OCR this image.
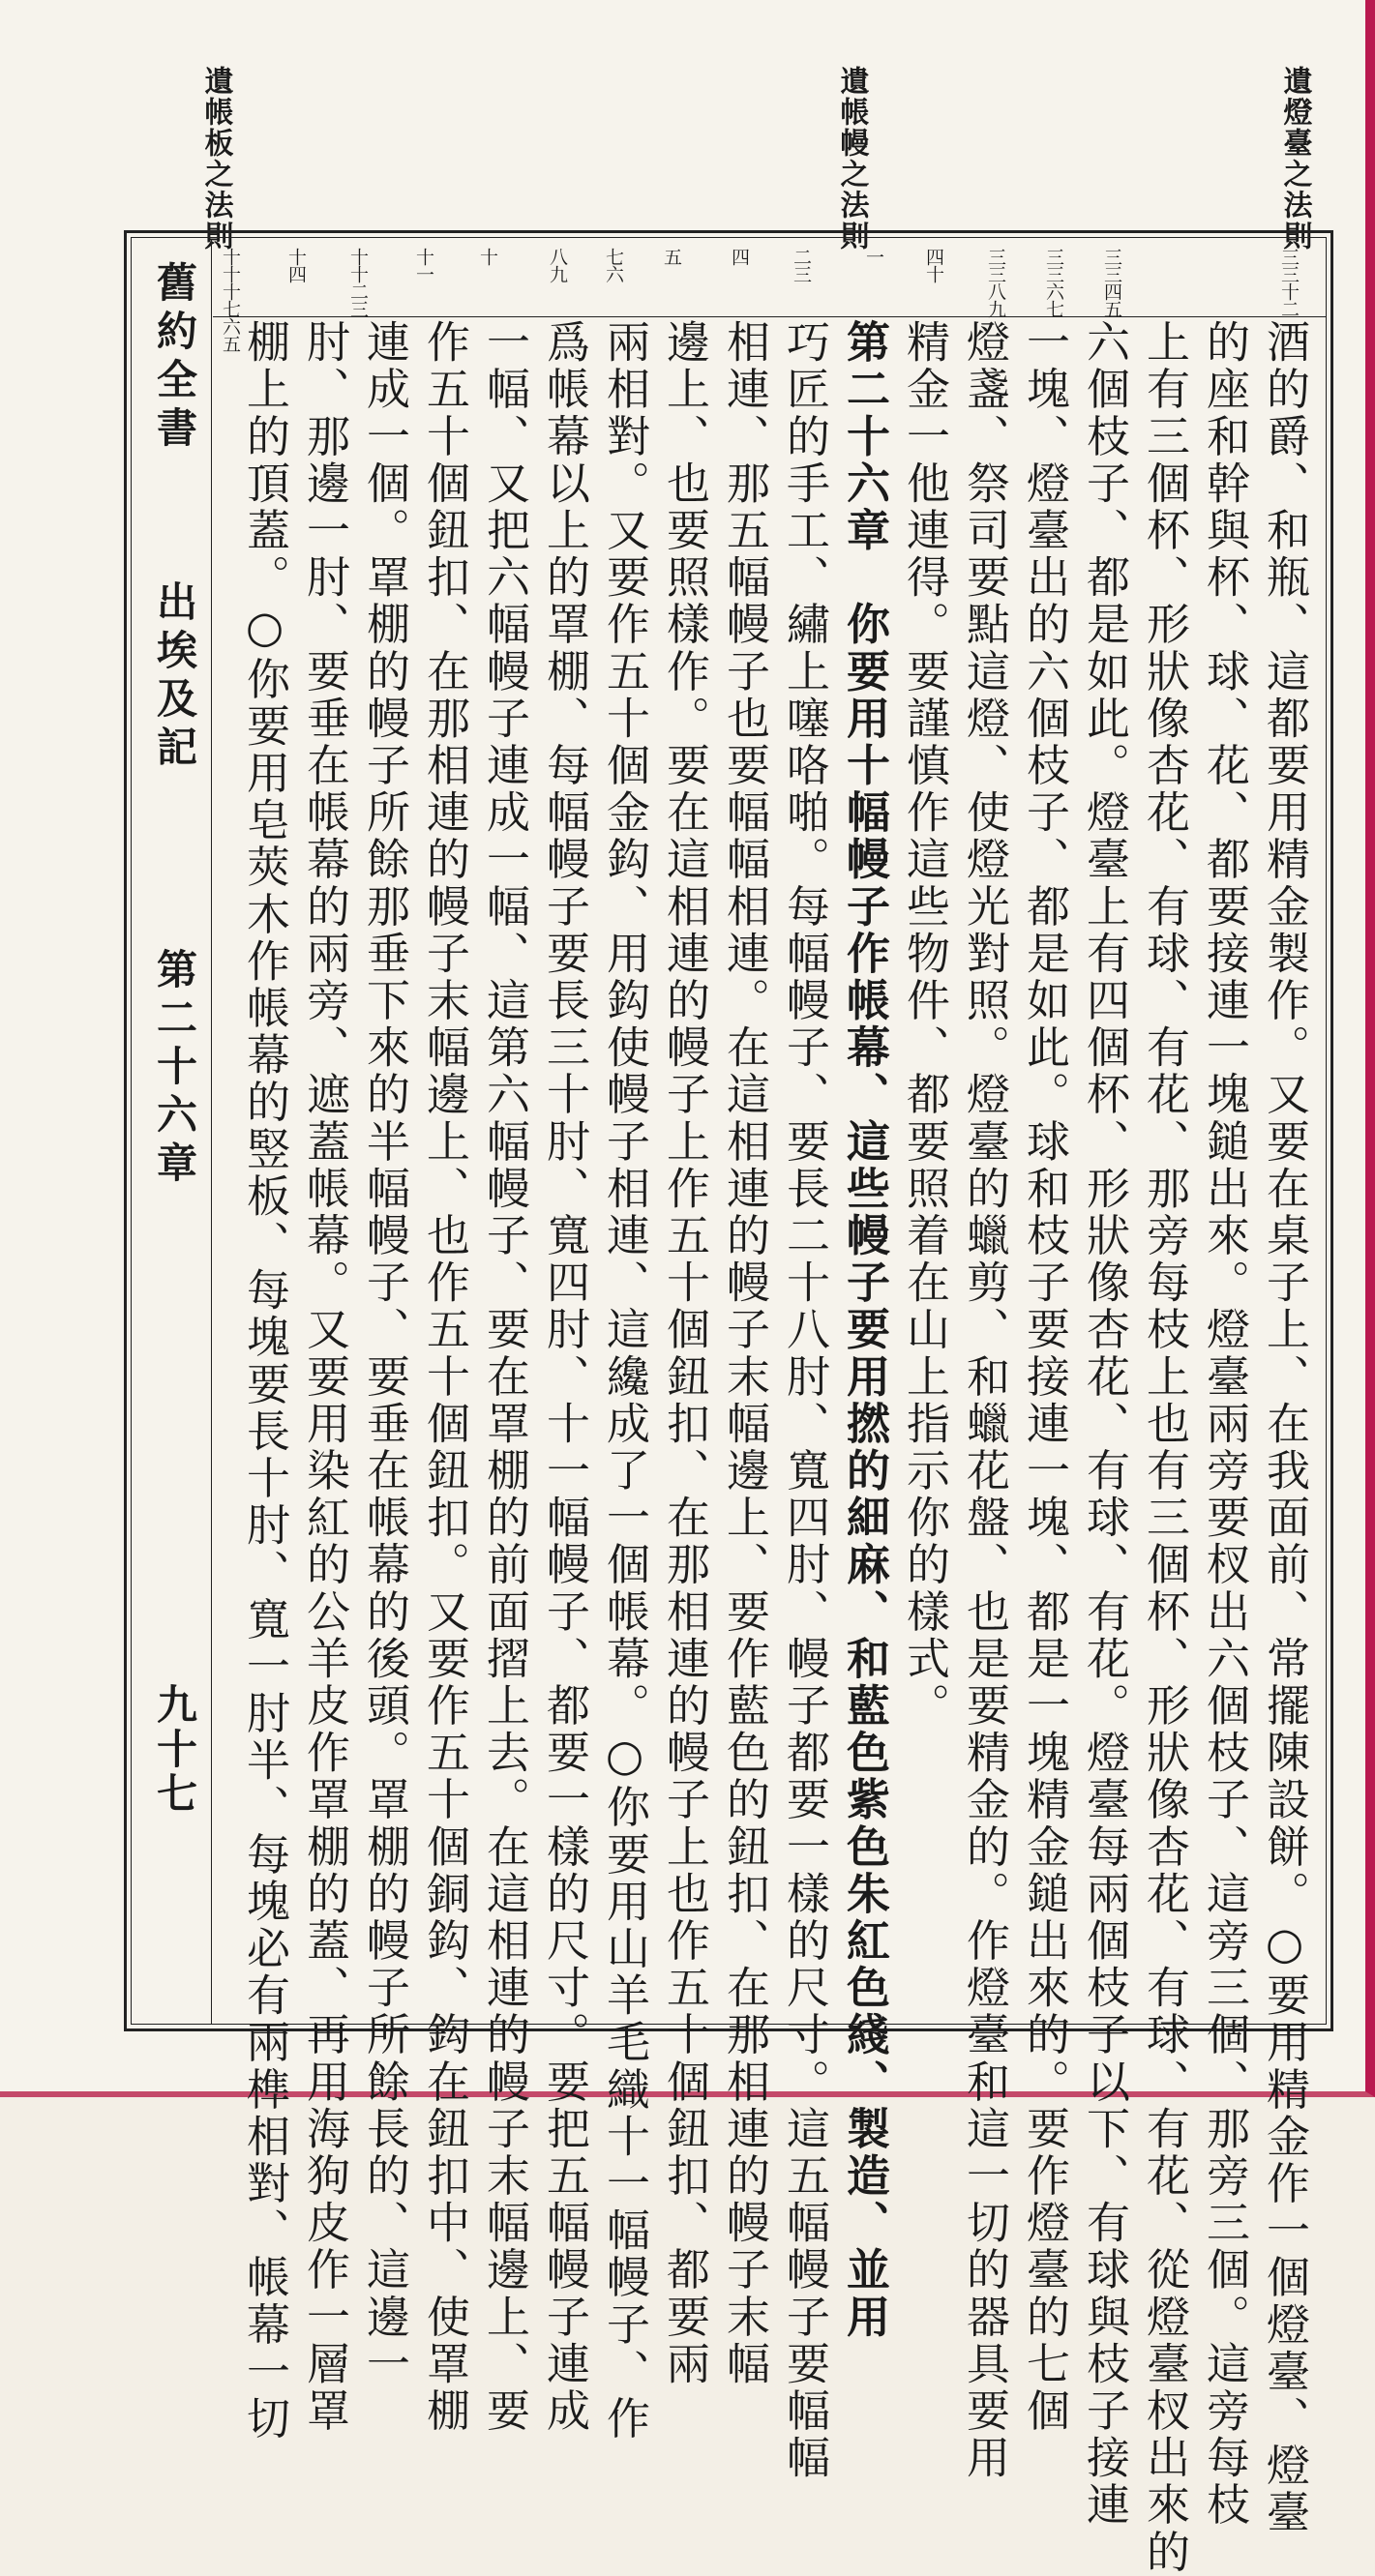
遺燈臺之法則
遺帳幔之法則
遺帳板之法則
舊約全書
出埃及記
第二十六章
九十七
三三十二一
三三四五
三三六七
三三八九
四十
一
二三
四
五
七六
八九
十
十一
十十二三
十四
十十十七六五
酒的爵、和瓶、這都要用精金製作。又要在桌子上、在我面前、常擺陳設餅。○要用精金作一個燈臺、燈臺
的座和幹與杯、球、花、都要接連一塊鎚出來。燈臺兩旁要杈出六個枝子、這旁三個、那旁三個。這旁每枝
上有三個杯、形狀像杏花、有球、有花、那旁每枝上也有三個杯、形狀像杏花、有球、有花、從燈臺杈出來的
六個枝子、都是如此。燈臺上有四個杯、形狀像杏花、有球、有花。燈臺每兩個枝子以下、有球與枝子接連
一塊、燈臺出的六個枝子、都是如此。球和枝子要接連一塊、都是一塊精金鎚出來的。要作燈臺的七個
燈盞、祭司要點這燈、使燈光對照。燈臺的蠟剪、和蠟花盤、也是要精金的。作燈臺和這一切的器具要用
精金一他連得。要謹慎作這些物件、都要照着在山上指示你的樣式。
第二十六章　你要用十幅幔子作帳幕、這些幔子要用撚的細麻、和藍色紫色朱紅色綫、製造、並用
巧匠的手工、繡上噻咯啪。每幅幔子、要長二十八肘、寬四肘、幔子都要一樣的尺寸。這五幅幔子要幅幅
相連、那五幅幔子也要幅幅相連。在這相連的幔子末幅邊上、要作藍色的鈕扣、在那相連的幔子末幅
邊上、也要照樣作。要在這相連的幔子上作五十個鈕扣、在那相連的幔子上也作五十個鈕扣、都要兩
兩相對。又要作五十個金鈎、用鈎使幔子相連、這纔成了一個帳幕。○你要用山羊毛織十一幅幔子、作
爲帳幕以上的罩棚、每幅幔子要長三十肘、寬四肘、十一幅幔子、都要一樣的尺寸。要把五幅幔子連成
一幅、又把六幅幔子連成一幅、這第六幅幔子、要在罩棚的前面摺上去。在這相連的幔子末幅邊上、要
作五十個鈕扣、在那相連的幔子末幅邊上、也作五十個鈕扣。又要作五十個銅鈎、鈎在鈕扣中、使罩棚
連成一個。罩棚的幔子所餘那垂下來的半幅幔子、要垂在帳幕的後頭。罩棚的幔子所餘長的、這邊一
肘、那邊一肘、要垂在帳幕的兩旁、遮蓋帳幕。又要用染紅的公羊皮作罩棚的蓋、再用海狗皮作一層罩
棚上的頂蓋。○你要用皂莢木作帳幕的竪板、每塊要長十肘、寬一肘半、每塊必有兩榫相對、帳幕一切
